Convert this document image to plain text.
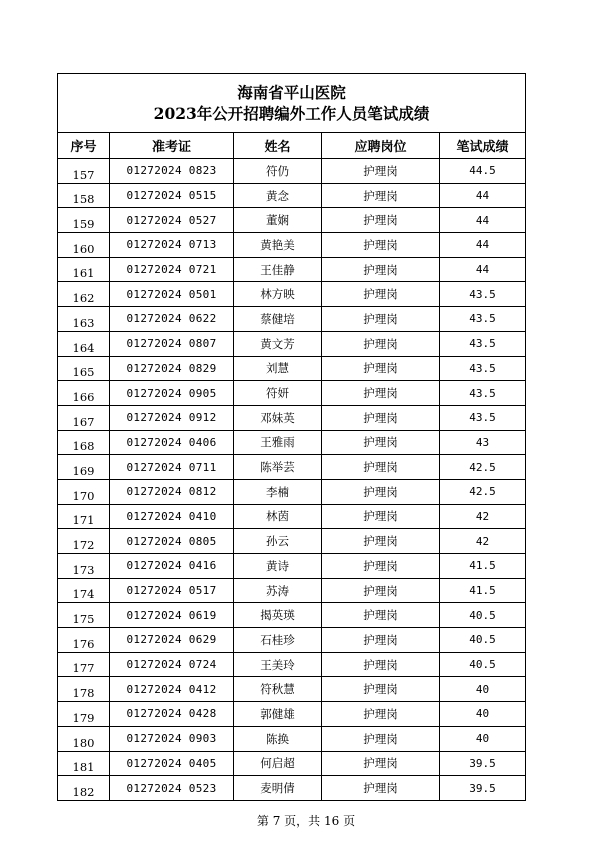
海南省平山医院
2023年公开招聘编外工作人员笔试成绩				

序号	准考证	姓名	应聘岗位	笔试成绩
157	01272024 0823	符仍	护理岗	44.5
158	01272024 0515	黄念	护理岗	44
159	01272024 0527	董娴	护理岗	44
160	01272024 0713	黄艳美	护理岗	44
161	01272024 0721	王佳静	护理岗	44
162	01272024 0501	林方映	护理岗	43.5
163	01272024 0622	蔡健培	护理岗	43.5
164	01272024 0807	黄文芳	护理岗	43.5
165	01272024 0829	刘慧	护理岗	43.5
166	01272024 0905	符妍	护理岗	43.5
167	01272024 0912	邓妹英	护理岗	43.5
168	01272024 0406	王雅雨	护理岗	43
169	01272024 0711	陈举芸	护理岗	42.5
170	01272024 0812	李楠	护理岗	42.5
171	01272024 0410	林茵	护理岗	42
172	01272024 0805	孙云	护理岗	42
173	01272024 0416	黄诗	护理岗	41.5
174	01272024 0517	苏涛	护理岗	41.5
175	01272024 0619	揭英瑛	护理岗	40.5
176	01272024 0629	石桂珍	护理岗	40.5
177	01272024 0724	王美玲	护理岗	40.5
178	01272024 0412	符秋慧	护理岗	40
179	01272024 0428	郭健雄	护理岗	40
180	01272024 0903	陈换	护理岗	40
181	01272024 0405	何启超	护理岗	39.5
182	01272024 0523	麦明倩	护理岗	39.5
第 7 页，共 16 页
